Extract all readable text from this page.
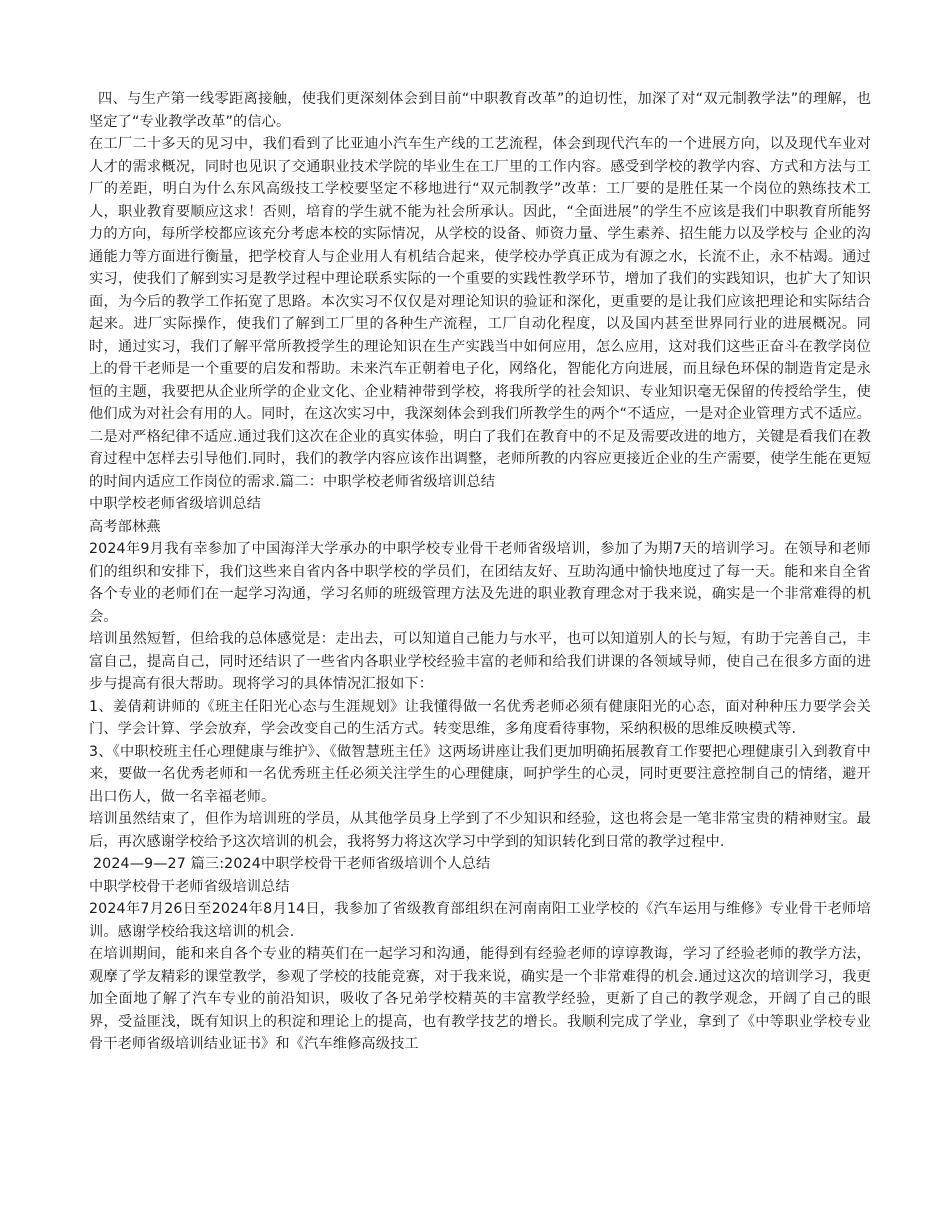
四、与生产第一线零距离接触，使我们更深刻体会到目前“中职教育改革”的迫切性，加深了对“双元制教学法”的理解，也坚定了“专业教学改革”的信心。

在工厂二十多天的见习中，我们看到了比亚迪小汽车生产线的工艺流程，体会到现代汽车的一个进展方向，以及现代车业对人才的需求概况，同时也见识了交通职业技术学院的毕业生在工厂里的工作内容。感受到学校的教学内容、方式和方法与工厂的差距，明白为什么东风高级技工学校要坚定不移地进行“双元制教学”改革：工厂要的是胜任某一个岗位的熟练技术工人，职业教育要顺应这求！否则，培育的学生就不能为社会所承认。因此，“全面进展”的学生不应该是我们中职教育所能努力的方向，每所学校都应该充分考虑本校的实际情况，从学校的设备、师资力量、学生素养、招生能力以及学校与 企业的沟通能力等方面进行衡量，把学校育人与企业用人有机结合起来，使学校办学真正成为有源之水，长流不止，永不枯竭。通过实习，使我们了解到实习是教学过程中理论联系实际的一个重要的实践性教学环节，增加了我们的实践知识，也扩大了知识面，为今后的教学工作拓宽了思路。本次实习不仅仅是对理论知识的验证和深化，更重要的是让我们应该把理论和实际结合起来。进厂实际操作，使我们了解到工厂里的各种生产流程，工厂自动化程度，以及国内甚至世界同行业的进展概况。同时，通过实习，我们了解平常所教授学生的理论知识在生产实践当中如何应用，怎么应用，这对我们这些正奋斗在教学岗位上的骨干老师是一个重要的启发和帮助。未来汽车正朝着电子化，网络化，智能化方向进展，而且绿色环保的制造肯定是永恒的主题，我要把从企业所学的企业文化、企业精神带到学校，将我所学的社会知识、专业知识毫无保留的传授给学生，使他们成为对社会有用的人。同时，在这次实习中，我深刻体会到我们所教学生的两个“不适应，一是对企业管理方式不适应。二是对严格纪律不适应.通过我们这次在企业的真实体验，明白了我们在教育中的不足及需要改进的地方，关键是看我们在教育过程中怎样去引导他们.同时，我们的教学内容应该作出调整，老师所教的内容应更接近企业的生产需要，使学生能在更短的时间内适应工作岗位的需求.篇二：中职学校老师省级培训总结

中职学校老师省级培训总结

高考部林燕

2024年9月我有幸参加了中国海洋大学承办的中职学校专业骨干老师省级培训，参加了为期7天的培训学习。在领导和老师们的组织和安排下，我们这些来自省内各中职学校的学员们，在团结友好、互助沟通中愉快地度过了每一天。能和来自全省各个专业的老师们在一起学习沟通，学习名师的班级管理方法及先进的职业教育理念对于我来说，确实是一个非常难得的机会。

培训虽然短暂，但给我的总体感觉是：走出去，可以知道自己能力与水平，也可以知道别人的长与短，有助于完善自己，丰富自己，提高自己，同时还结识了一些省内各职业学校经验丰富的老师和给我们讲课的各领域导师，使自己在很多方面的进步与提高有很大帮助。现将学习的具体情况汇报如下：

1、姜倩莉讲师的《班主任阳光心态与生涯规划》让我懂得做一名优秀老师必须有健康阳光的心态，面对种种压力要学会关门、学会计算、学会放弃，学会改变自己的生活方式。转变思维，多角度看待事物，采纳积极的思维反映模式等.

3、《中职校班主任心理健康与维护》、《做智慧班主任》这两场讲座让我们更加明确拓展教育工作要把心理健康引入到教育中来，要做一名优秀老师和一名优秀班主任必须关注学生的心理健康，呵护学生的心灵，同时更要注意控制自己的情绪，避开出口伤人，做一名幸福老师。

培训虽然结束了，但作为培训班的学员，从其他学员身上学到了不少知识和经验，这也将会是一笔非常宝贵的精神财宝。最后，再次感谢学校给予这次培训的机会，我将努力将这次学习中学到的知识转化到日常的教学过程中.

2024—9—27 篇三:2024中职学校骨干老师省级培训个人总结

中职学校骨干老师省级培训总结

2024年7月26日至2024年8月14日，我参加了省级教育部组织在河南南阳工业学校的《汽车运用与维修》专业骨干老师培训。感谢学校给我这培训的机会.

在培训期间，能和来自各个专业的精英们在一起学习和沟通，能得到有经验老师的谆谆教诲，学习了经验老师的教学方法，观摩了学友精彩的课堂教学，参观了学校的技能竞赛，对于我来说，确实是一个非常难得的机会.通过这次的培训学习，我更加全面地了解了汽车专业的前沿知识，吸收了各兄弟学校精英的丰富教学经验，更新了自己的教学观念，开阔了自己的眼界，受益匪浅，既有知识上的积淀和理论上的提高，也有教学技艺的增长。我顺利完成了学业，拿到了《中等职业学校专业骨干老师省级培训结业证书》和《汽车维修高级技工
